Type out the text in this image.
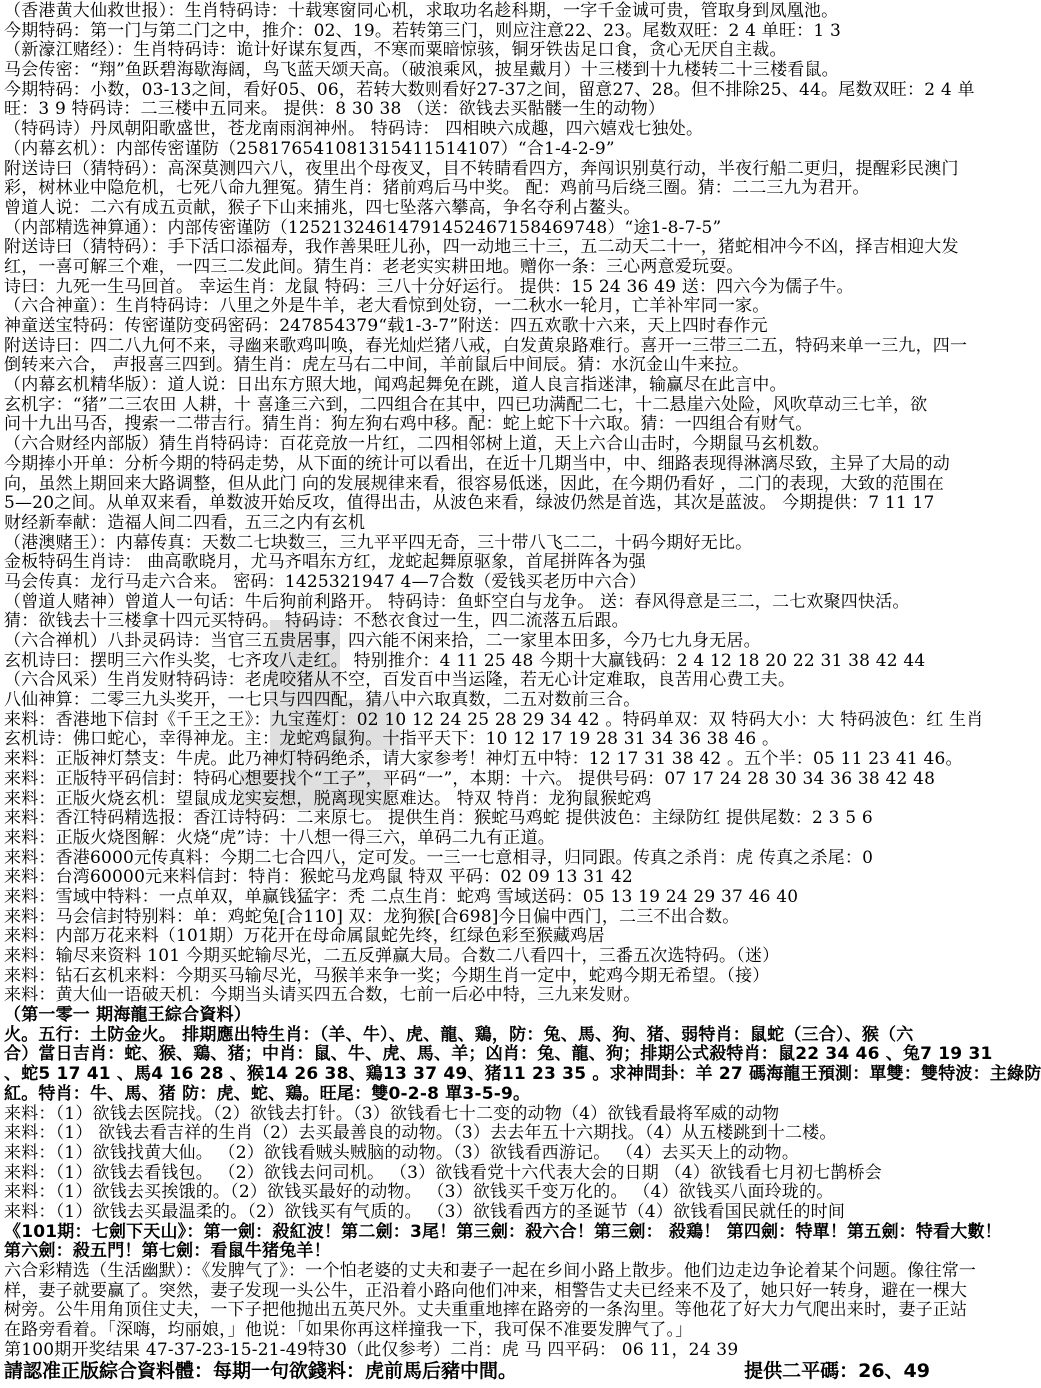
（香港黄大仙救世报）：生肖特码诗：十载寒窗同心机，求取功名趁科期，一字千金诚可贵，管取身到凤凰池。
今期特码：第一门与第二门之中，推介：02、19。若转第三门，则应注意22、23。尾数双旺：2 4 单旺：1 3
（新濠江赌经）：生肖特码诗：诡计好谋东复西，不寒而粟暗惊骇，铜牙铁齿足口食，贪心无厌自主裁。
马会传密：“翔”鱼跃碧海歇海阔，鸟飞蓝天颂天高。（破浪乘风，披星戴月）十三楼到十九楼转二十三楼看鼠。
今期特码：小数，03-13之间，看好05、06，若转大数则看好27-37之间，留意27、28。但不排除25、44。尾数双旺：2 4 单
旺：3 9 特码诗：二三楼中五同来。 提供：8 30 38 （送：欲钱去买骷髅一生的动物）
（特码诗）丹凤朝阳歌盛世，苍龙南雨润神州。 特码诗： 四相映六成趣，四六嬉戏七独处。
（内幕玄机）：内部传密谨防（258176541081315411514107）“合1-4-2-9”
附送诗曰（猜特码）：高深莫测四六八，夜里出个母夜叉，目不转睛看四方，奔闯识别莫行动，半夜行船二更归，提醒彩民澳门
彩，树林业中隐危机，七死八命九狸冤。猜生肖：猪前鸡后马中奖。 配：鸡前马后绕三圈。猜：二二三九为君开。
曾道人说：二六有成五贡献，猴子下山来捕兆，四七坠落六攀高，争名夺利占鳌头。
（内部精选神算通）：内部传密谨防（12521324614791452467158469748）“途1-8-7-5”
附送诗曰（猜特码）：手下活口添福寿，我作善果旺儿孙，四一动地三十三，五二动天二十一，猪蛇相冲今不凶，择吉相迎大发
红，一喜可解三个难，一四三二发此间。猜生肖：老老实实耕田地。赠你一条：三心两意爱玩耍。
诗曰：九死一生马回首。 幸运生肖：龙鼠 特码：三八十分好运行。 提供：15 24 36 49 送：四六今为儒子牛。
（六合神童）：生肖特码诗：八里之外是牛羊，老大看惊到处窃，一二秋水一轮月，亡羊补牢同一家。
神童送宝特码：传密谨防变码密码：247854379“载1-3-7”附送：四五欢歌十六来，天上四时春作元
附送诗曰：四二八九何不来，寻幽来歌鸡叫唤，春光灿烂猪八戒，白发黄泉路难行。喜开一三带三二五，特码来单一三九，四一
倒转来六合， 声报喜三四到。猜生肖：虎左马右二中间，羊前鼠后中间辰。猜：水沉金山牛来拉。
（内幕玄机精华版）：道人说：日出东方照大地，闻鸡起舞免在跳，道人良言指迷津，输赢尽在此言中。
玄机字：“猪”二三农田 人耕，十 喜逢三六到，二四组合在其中，四已功满配二七，十二悬崖六处险，风吹草动三七羊，欲
问十九出马否，搜索一二带吉行。猜生肖：狗左狗右鸡中移。配：蛇上蛇下十六取。猜：一四组合有财气。
（六合财经内部版）猜生肖特码诗：百花竞放一片红，二四相邻树上道，天上六合山击时，今期鼠马玄机数。
今期捧小开单：分析今期的特码走势，从下面的统计可以看出，在近十几期当中，中、细路表现得淋漓尽致，主异了大局的动
向，虽然上期回来大路调整，但从此门 向的发展规律来看，很容易低迷，因此，在今期仍看好 ，二门的表现，大致的范围在
5—20之间。从单双来看，单数波开始反攻，值得出击，从波色来看，绿波仍然是首选，其次是蓝波。 今期提供：7 11 17
财经新奉献：造福人间二四看，五三之内有玄机
（港澳赌王）：内幕传真：天数二七块数三，三九平平四无奇，三十带八飞二二，十码今期好无比。
金板特码生肖诗： 曲高歌晓月，尤马齐唱东方红，龙蛇起舞原驱象，首尾拼阵各为强
马会传真：龙行马走六合来。 密码：1425321947 4—7合数（爱钱买老历中六合）
（曾道人赌神）曾道人一句话：牛后狗前利路开。 特码诗：鱼虾空白与龙争。 送：春风得意是三二，二七欢聚四快活。
猜：欲钱去十三楼拿十四元买特码。 特码诗：不愁衣食过一生，四二流落五后跟。
（六合禅机）八卦灵码诗：当官三五贵居事，四六能不闲来拾，二一家里本田多，今乃七九身无居。
玄机诗曰：摆明三六作头奖，七齐攻八走红。 特别推介：4 11 25 48 今期十大赢钱码：2 4 12 18 20 22 31 38 42 44
（六合风采）生肖发财特码诗：老虎咬猪从不空，百发百中当运隆，若无心计定难取，良苦用心费工夫。
八仙神算：二零三九头奖开，一七只与四四配，猜八中六取真数，二五对数前三合。
来料：香港地下信封《千王之王》：九宝莲灯：02 10 12 24 25 28 29 34 42 。特码单双：双 特码大小：大 特码波色：红 生肖
玄机诗：佛口蛇心，幸得神龙。主：龙蛇鸡鼠狗。十指平天下：10 12 17 19 28 31 34 36 38 46 。
来料：正版神灯禁支：牛虎。此乃神灯特码绝杀，请大家参考！神灯五中特：12 17 31 38 42 。五个半：05 11 23 41 46。
来料：正版特平码信封：特码心想要找个“工子”，平码“一”，本期：十六。 提供号码：07 17 24 28 30 34 36 38 42 48
来料：正版火烧玄机：望鼠成龙实妄想，脱离现实愿难达。 特双 特肖：龙狗鼠猴蛇鸡
来料：香江特码精选报：香江诗特码：二来原七。 提供生肖：猴蛇马鸡蛇 提供波色：主绿防红 提供尾数：2 3 5 6
来料：正版火烧图解：火烧“虎”诗：十八想一得三六，单码二九有正道。
来料：香港6000元传真料：今期二七合四八，定可发。一三一七意相寻，归同跟。传真之杀肖：虎 传真之杀尾：0
来料：台湾60000元来料信封：特肖：猴蛇马龙鸡鼠 特双 平码：02 09 13 31 42
来料：雪域中特料：一点单双，单赢钱猛字：秃 二点生肖：蛇鸡 雪域送码：05 13 19 24 29 37 46 40
来料：马会信封特别料：单：鸡蛇兔[合110] 双：龙狗猴[合698]今日偏中西门，二三不出合数。
来料：内部万花来料（101期）万花开在母命属鼠蛇先终，红绿色彩至猴藏鸡居
来料：输尽来资料 101 今期买蛇输尽光，二五反弹赢大局。合数二八看四十，三番五次选特码。（迷）
来料：钻石玄机来料：今期买马输尽光，马猴羊来争一奖；今期生肖一定中，蛇鸡今期无希望。（接）
来料：黄大仙一语破天机：今期当头请买四五合数，七前一后必中特，三九来发财。
（第一零一 期海龍王綜合資料）
火。五行：土防金火。 排期應出特生肖：（羊、牛）、虎、龍、鶏，防：兔、馬、狗、猪、弱特肖：鼠蛇（三合）、猴（六
合）當日吉肖：蛇、猴、鶏、猪；中肖：鼠、牛、虎、馬、羊；凶肖：兔、龍、狗；排期公式殺特肖：鼠22 34 46 、兔7 19 31
、蛇5 17 41 、馬4 16 28 、猴14 26 38、鶏13 37 49、猪11 23 35 。求神問卦：羊 27 碼海龍王預測：單雙：雙特波：主綠防
紅。特肖：牛、馬、猪 防：虎、蛇、鶏。旺尾：雙0-2-8 單3-5-9。
来料：（1）欲钱去医院找。（2）欲钱去打针。（3）欲钱看七十二变的动物（4）欲钱看最将军威的动物
来料：（1） 欲钱去看吉祥的生肖（2）去买最善良的动物。（3）去去年五十六期找。（4）从五楼跳到十二楼。
来料：（1）欲钱找黄大仙。 （2）欲钱看贼头贼脑的动物。（3）欲钱看西游记。 （4）去买天上的动物。
来料：（1）欲钱去看钱包。 （2）欲钱去问司机。 （3）欲钱看党十六代表大会的日期 （4）欲钱看七月初七鹊桥会
来料：（1）欲钱去买挨饿的。（2）欲钱买最好的动物。 （3）欲钱买千变万化的。 （4）欲钱买八面玲珑的。
来料：（1）欲钱去买最温柔的。（2）欲钱买有气质的。 （3）欲钱看西方的圣诞节（4）欲钱看国民就任的时间
《101期：七劍下天山》：第一劍：殺紅波！第二劍：3尾！第三劍：殺六合！第三劍： 殺鶏！ 第四劍：特單！第五劍：特看大數！
第六劍：殺五門！第七劍：看鼠牛猪兔羊！
六合彩精选（生活幽默）：《发脾气了》：一个怕老婆的丈夫和妻子一起在乡间小路上散步。他们边走边争论着某个问题。像往常一
样，妻子就要赢了。突然，妻子发现一头公牛，正沿着小路向他们冲来，相警告丈夫已经来不及了，她只好一转身，避在一棵大
树旁。公牛用角顶住丈夫，一下子把他抛出五英尺外。丈夫重重地摔在路旁的一条沟里。等他花了好大力气爬出来时，妻子正站
在路旁看着。「深嗨，均丽娘，」他说：「如果你再这样撞我一下，我可保不准要发脾气了。」
第100期开奖结果 47-37-23-15-21-49特30（此仅参考）二肖：虎 马 四平码： 06 11，24 39
請認准正版綜合資料體：每期一句欲錢料：虎前馬后豬中間。	提供二平碼：26、49
